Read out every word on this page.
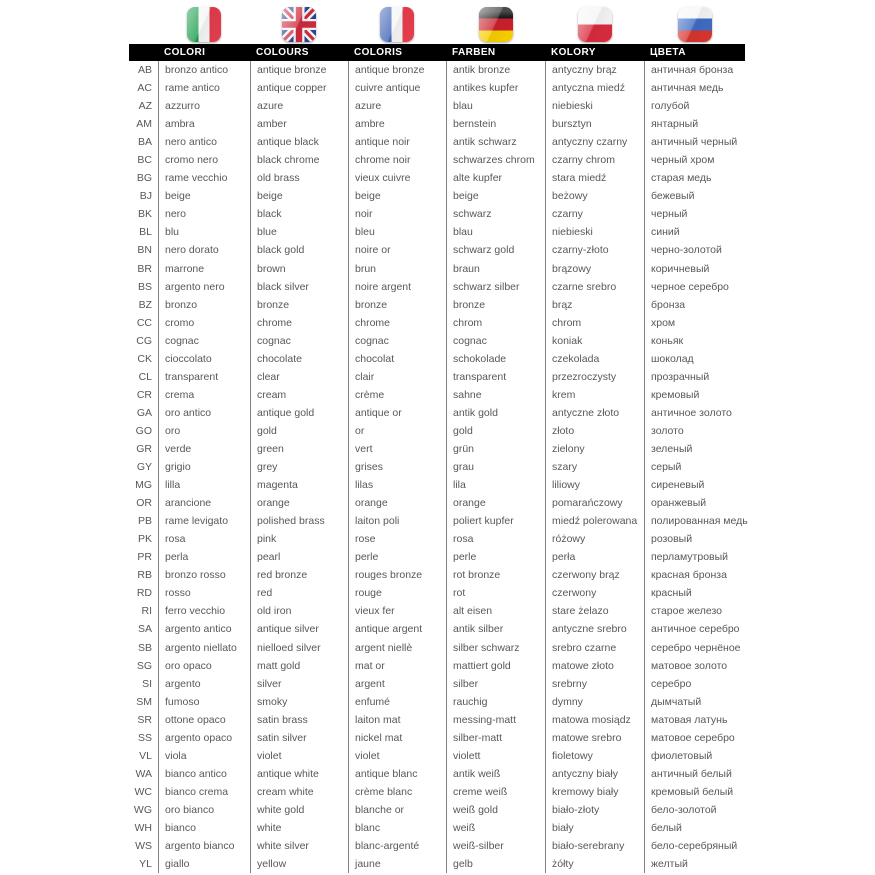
COLORI	COLOURS	COLORIS	FARBEN	KOLORY	ЦВЕТА
AB	bronzo antico	antique bronze	antique bronze	antik bronze	antyczny brąz	античная бронза
AC	rame antico	antique copper	cuivre antique	antikes kupfer	antyczna miedź	античная медь
AZ	azzurro	azure	azure	blau	niebieski	голубой
AM	ambra	amber	ambre	bernstein	bursztyn	янтарный
BA	nero antico	antique black	antique noir	antik schwarz	antyczny czarny	античный черный
BC	cromo nero	black chrome	chrome noir	schwarzes chrom	czarny chrom	черный хром
BG	rame vecchio	old brass	vieux cuivre	alte kupfer	stara miedź	старая медь
BJ	beige	beige	beige	beige	beżowy	бежевый
BK	nero	black	noir	schwarz	czarny	черный
BL	blu	blue	bleu	blau	niebieski	синий
BN	nero dorato	black gold	noire or	schwarz gold	czarny-złoto	черно-золотой
BR	marrone	brown	brun	braun	brązowy	коричневый
BS	argento nero	black silver	noire argent	schwarz silber	czarne srebro	черное серебро
BZ	bronzo	bronze	bronze	bronze	brąz	бронза
CC	cromo	chrome	chrome	chrom	chrom	хром
CG	cognac	cognac	cognac	cognac	koniak	коньяк
CK	cioccolato	chocolate	chocolat	schokolade	czekolada	шоколад
CL	transparent	clear	clair	transparent	przezroczysty	прозрачный
CR	crema	cream	crème	sahne	krem	кремовый
GA	oro antico	antique gold	antique or	antik gold	antyczne złoto	античное золото
GO	oro	gold	or	gold	złoto	золото
GR	verde	green	vert	grün	zielony	зеленый
GY	grigio	grey	grises	grau	szary	серый
MG	lilla	magenta	lilas	lila	liliowy	сиреневый
OR	arancione	orange	orange	orange	pomarańczowy	оранжевый
PB	rame levigato	polished brass	laiton poli	poliert kupfer	miedź polerowana	полированная медь
PK	rosa	pink	rose	rosa	różowy	розовый
PR	perla	pearl	perle	perle	perła	перламутровый
RB	bronzo rosso	red bronze	rouges bronze	rot bronze	czerwony brąz	красная бронза
RD	rosso	red	rouge	rot	czerwony	красный
RI	ferro vecchio	old iron	vieux fer	alt eisen	stare żelazo	старое железо
SA	argento antico	antique silver	antique argent	antik silber	antyczne srebro	античное серебро
SB	argento niellato	nielloed silver	argent niellè	silber schwarz	srebro czarne	серебро чернёное
SG	oro opaco	matt gold	mat or	mattiert gold	matowe złoto	матовое золото
SI	argento	silver	argent	silber	srebrny	серебро
SM	fumoso	smoky	enfumé	rauchig	dymny	дымчатый
SR	ottone opaco	satin brass	laiton mat	messing-matt	matowa mosiądz	матовая латунь
SS	argento opaco	satin silver	nickel mat	silber-matt	matowe srebro	матовое серебро
VL	viola	violet	violet	violett	fioletowy	фиолетовый
WA	bianco antico	antique white	antique blanc	antik weiß	antyczny biały	античный белый
WC	bianco crema	cream white	crème blanc	creme weiß	kremowy biały	кремовый белый
WG	oro bianco	white gold	blanche or	weiß gold	biało-złoty	бело-золотой
WH	bianco	white	blanc	weiß	biały	белый
WS	argento bianco	white silver	blanc-argenté	weiß-silber	biało-serebrany	бело-серебряный
YL	giallo	yellow	jaune	gelb	żółty	желтый
